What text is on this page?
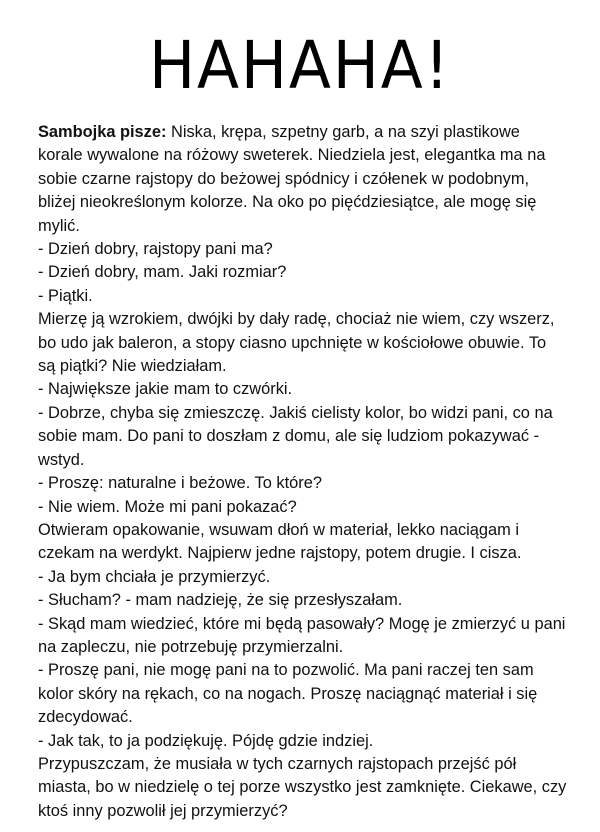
HAHAHA!
Sambojka pisze: Niska, krępa, szpetny garb, a na szyi plastikowe
korale wywalone na różowy sweterek. Niedziela jest, elegantka ma na
sobie czarne rajstopy do beżowej spódnicy i czółenek w podobnym,
bliżej nieokreślonym kolorze. Na oko po pięćdziesiątce, ale mogę się
mylić.
- Dzień dobry, rajstopy pani ma?
- Dzień dobry, mam. Jaki rozmiar?
- Piątki.
Mierzę ją wzrokiem, dwójki by dały radę, chociaż nie wiem, czy wszerz,
bo udo jak baleron, a stopy ciasno upchnięte w kościołowe obuwie. To
są piątki? Nie wiedziałam.
- Największe jakie mam to czwórki.
- Dobrze, chyba się zmieszczę. Jakiś cielisty kolor, bo widzi pani, co na
sobie mam. Do pani to doszłam z domu, ale się ludziom pokazywać -
wstyd.
- Proszę: naturalne i beżowe. To które?
- Nie wiem. Może mi pani pokazać?
Otwieram opakowanie, wsuwam dłoń w materiał, lekko naciągam i
czekam na werdykt. Najpierw jedne rajstopy, potem drugie. I cisza.
- Ja bym chciała je przymierzyć.
- Słucham? - mam nadzieję, że się przesłyszałam.
- Skąd mam wiedzieć, które mi będą pasowały? Mogę je zmierzyć u pani
na zapleczu, nie potrzebuję przymierzalni.
- Proszę pani, nie mogę pani na to pozwolić. Ma pani raczej ten sam
kolor skóry na rękach, co na nogach. Proszę naciągnąć materiał i się
zdecydować.
- Jak tak, to ja podziękuję. Pójdę gdzie indziej.
Przypuszczam, że musiała w tych czarnych rajstopach przejść pół
miasta, bo w niedzielę o tej porze wszystko jest zamknięte. Ciekawe, czy
ktoś inny pozwolił jej przymierzyć?
